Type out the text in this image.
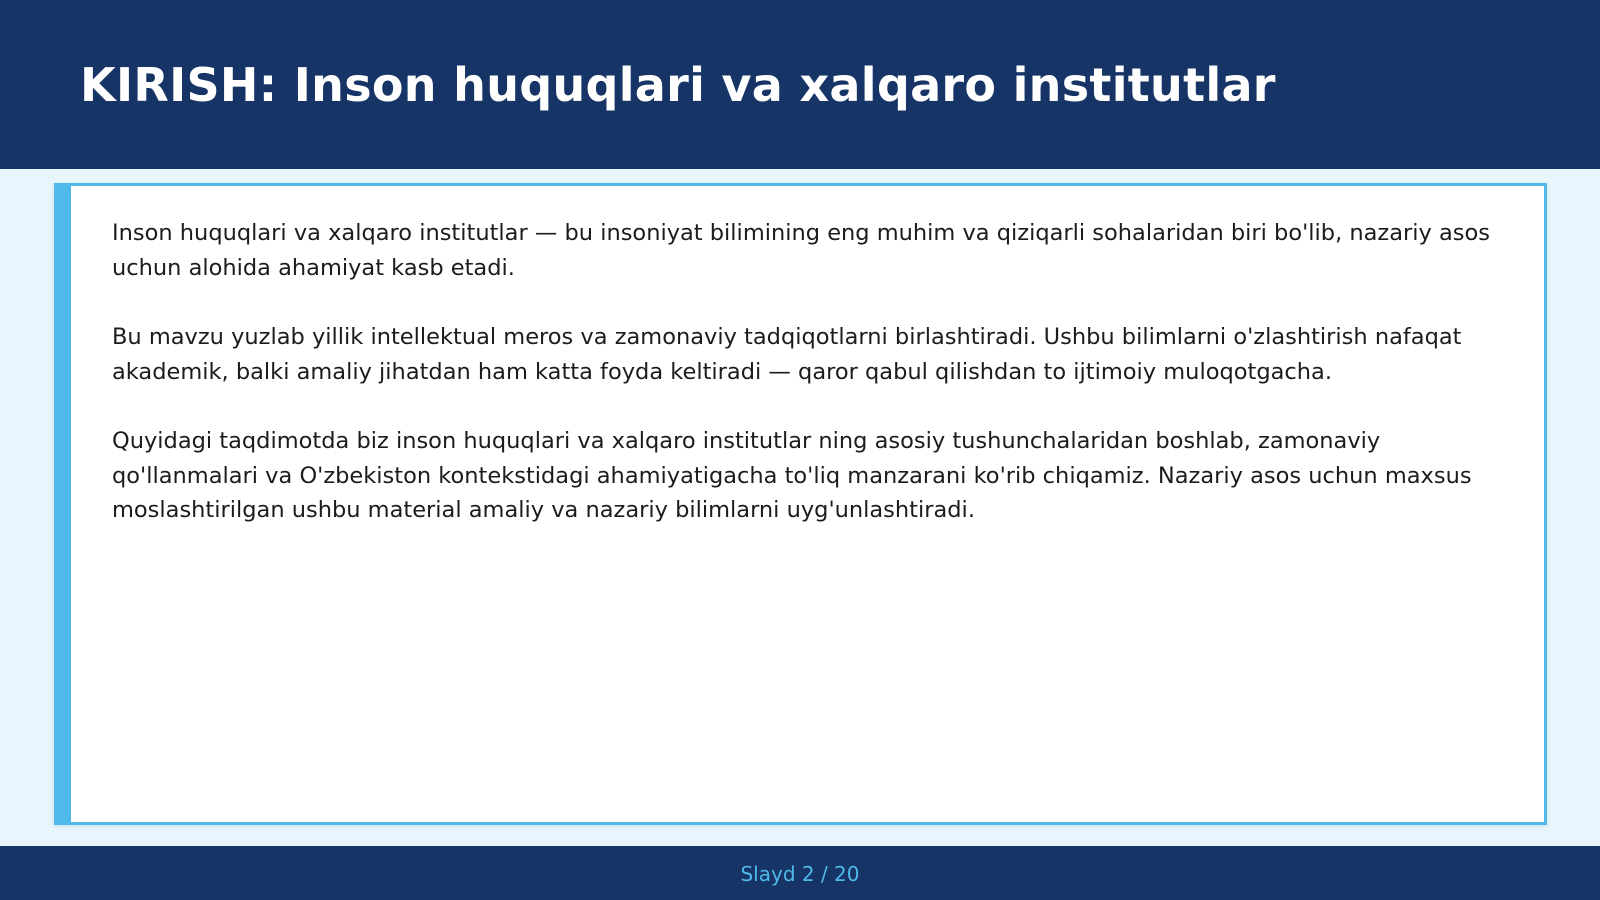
KIRISH: Inson huquqlari va xalqaro institutlar

Inson huquqlari va xalqaro institutlar — bu insoniyat bilimining eng muhim va qiziqarli sohalaridan biri bo'lib, nazariy asos uchun alohida ahamiyat kasb etadi.

Bu mavzu yuzlab yillik intellektual meros va zamonaviy tadqiqotlarni birlashtiradi. Ushbu bilimlarni o'zlashtirish nafaqat akademik, balki amaliy jihatdan ham katta foyda keltiradi — qaror qabul qilishdan to ijtimoiy muloqotgacha.

Quyidagi taqdimotda biz inson huquqlari va xalqaro institutlar ning asosiy tushunchalaridan boshlab, zamonaviy qo'llanmalari va O'zbekiston kontekstidagi ahamiyatigacha to'liq manzarani ko'rib chiqamiz. Nazariy asos uchun maxsus moslashtirilgan ushbu material amaliy va nazariy bilimlarni uyg'unlashtiradi.

Slayd 2 / 20
